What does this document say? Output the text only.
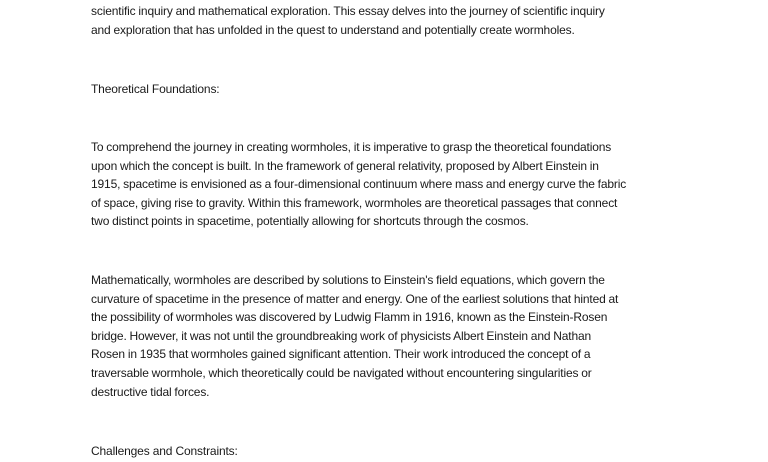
scientific inquiry and mathematical exploration. This essay delves into the journey of scientific inquiry
and exploration that has unfolded in the quest to understand and potentially create wormholes.
Theoretical Foundations:
To comprehend the journey in creating wormholes, it is imperative to grasp the theoretical foundations
upon which the concept is built. In the framework of general relativity, proposed by Albert Einstein in
1915, spacetime is envisioned as a four-dimensional continuum where mass and energy curve the fabric
of space, giving rise to gravity. Within this framework, wormholes are theoretical passages that connect
two distinct points in spacetime, potentially allowing for shortcuts through the cosmos.
Mathematically, wormholes are described by solutions to Einstein's field equations, which govern the
curvature of spacetime in the presence of matter and energy. One of the earliest solutions that hinted at
the possibility of wormholes was discovered by Ludwig Flamm in 1916, known as the Einstein-Rosen
bridge. However, it was not until the groundbreaking work of physicists Albert Einstein and Nathan
Rosen in 1935 that wormholes gained significant attention. Their work introduced the concept of a
traversable wormhole, which theoretically could be navigated without encountering singularities or
destructive tidal forces.
Challenges and Constraints:
